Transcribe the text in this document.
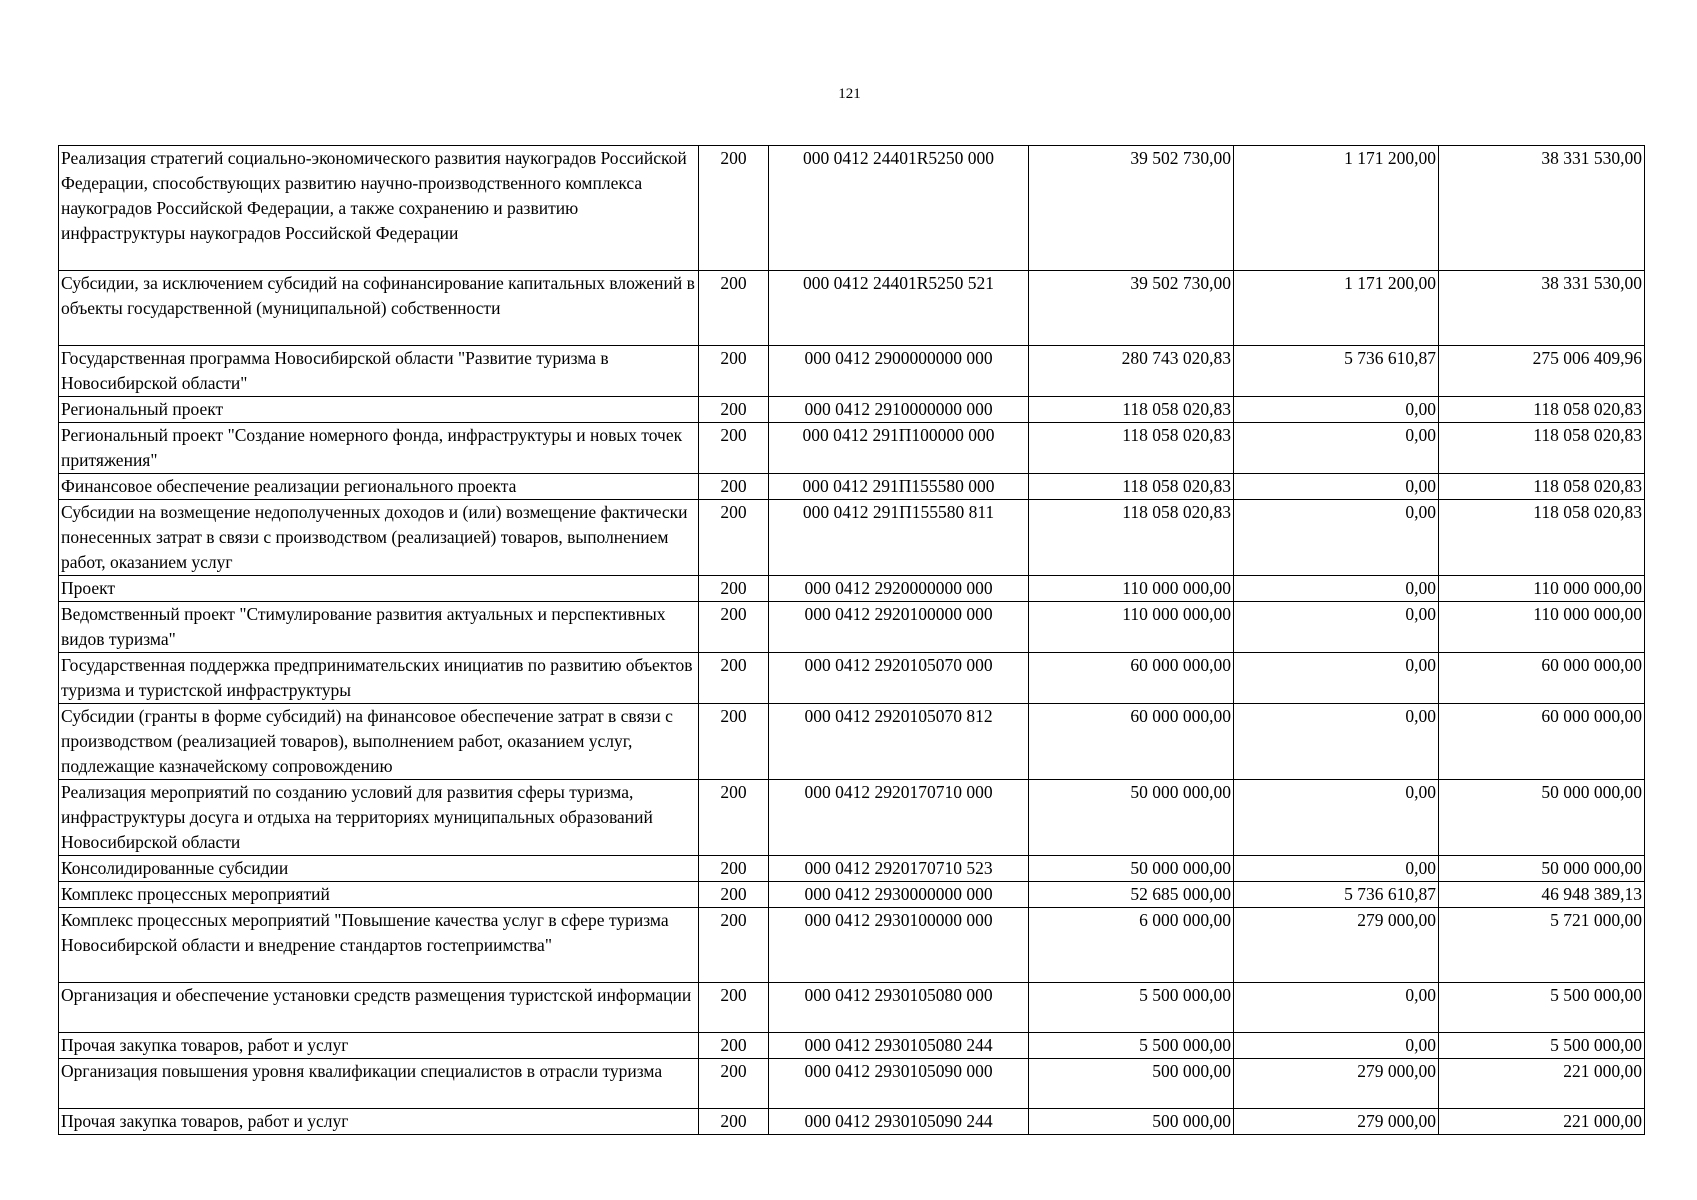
121
Реализация стратегий социально-экономического развития наукоградов Российской Федерации, способствующих развитию научно-производственного комплекса наукоградов Российской Федерации, а также сохранению и развитию инфраструктуры наукоградов Российской Федерации	200	000 0412 24401R5250 000	39 502 730,00	1 171 200,00	38 331 530,00
Субсидии, за исключением субсидий на софинансирование капитальных вложений в объекты государственной (муниципальной) собственности	200	000 0412 24401R5250 521	39 502 730,00	1 171 200,00	38 331 530,00
Государственная программа Новосибирской области "Развитие туризма в Новосибирской области"	200	000 0412 2900000000 000	280 743 020,83	5 736 610,87	275 006 409,96
Региональный проект	200	000 0412 2910000000 000	118 058 020,83	0,00	118 058 020,83
Региональный проект "Создание номерного фонда, инфраструктуры и новых точек притяжения"	200	000 0412 291П100000 000	118 058 020,83	0,00	118 058 020,83
Финансовое обеспечение реализации регионального проекта	200	000 0412 291П155580 000	118 058 020,83	0,00	118 058 020,83
Субсидии на возмещение недополученных доходов и (или) возмещение фактически понесенных затрат в связи с производством (реализацией) товаров, выполнением работ, оказанием услуг	200	000 0412 291П155580 811	118 058 020,83	0,00	118 058 020,83
Проект	200	000 0412 2920000000 000	110 000 000,00	0,00	110 000 000,00
Ведомственный проект "Стимулирование развития актуальных и перспективных видов туризма"	200	000 0412 2920100000 000	110 000 000,00	0,00	110 000 000,00
Государственная поддержка предпринимательских инициатив по развитию объектов туризма и туристской инфраструктуры	200	000 0412 2920105070 000	60 000 000,00	0,00	60 000 000,00
Субсидии (гранты в форме субсидий) на финансовое обеспечение затрат в связи с производством (реализацией товаров), выполнением работ, оказанием услуг, подлежащие казначейскому сопровождению	200	000 0412 2920105070 812	60 000 000,00	0,00	60 000 000,00
Реализация мероприятий по созданию условий для развития сферы туризма, инфраструктуры досуга и отдыха на территориях муниципальных образований Новосибирской области	200	000 0412 2920170710 000	50 000 000,00	0,00	50 000 000,00
Консолидированные субсидии	200	000 0412 2920170710 523	50 000 000,00	0,00	50 000 000,00
Комплекс процессных мероприятий	200	000 0412 2930000000 000	52 685 000,00	5 736 610,87	46 948 389,13
Комплекс процессных мероприятий "Повышение качества услуг в сфере туризма Новосибирской области и внедрение стандартов гостеприимства"	200	000 0412 2930100000 000	6 000 000,00	279 000,00	5 721 000,00
Организация и обеспечение установки средств размещения туристской информации	200	000 0412 2930105080 000	5 500 000,00	0,00	5 500 000,00
Прочая закупка товаров, работ и услуг	200	000 0412 2930105080 244	5 500 000,00	0,00	5 500 000,00
Организация повышения уровня квалификации специалистов в отрасли туризма	200	000 0412 2930105090 000	500 000,00	279 000,00	221 000,00
Прочая закупка товаров, работ и услуг	200	000 0412 2930105090 244	500 000,00	279 000,00	221 000,00
